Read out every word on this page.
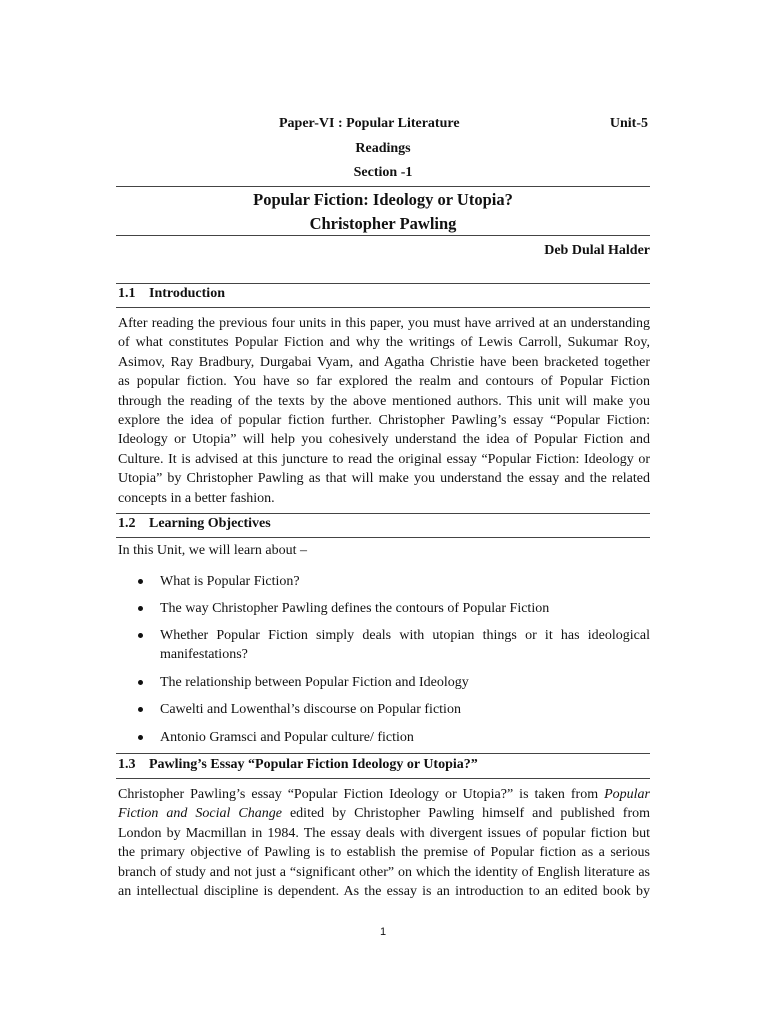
Paper-VI : Popular Literature	Unit-5
Readings
Section -1
Popular Fiction: Ideology or Utopia?
Christopher Pawling
Deb Dulal Halder
1.1 Introduction
After reading the previous four units in this paper, you must have arrived at an understanding
of what constitutes Popular Fiction and why the writings of Lewis Carroll, Sukumar Roy,
Asimov, Ray Bradbury, Durgabai Vyam, and Agatha Christie have been bracketed together
as popular fiction. You have so far explored the realm and contours of Popular Fiction
through the reading of the texts by the above mentioned authors. This unit will make you
explore the idea of popular fiction further. Christopher Pawling’s essay “Popular Fiction:
Ideology or Utopia” will help you cohesively understand the idea of Popular Fiction and
Culture. It is advised at this juncture to read the original essay “Popular Fiction: Ideology or
Utopia” by Christopher Pawling as that will make you understand the essay and the related
concepts in a better fashion.
1.2 Learning Objectives
In this Unit, we will learn about –
What is Popular Fiction?
The way Christopher Pawling defines the contours of Popular Fiction
Whether Popular Fiction simply deals with utopian things or it has ideological
manifestations?
The relationship between Popular Fiction and Ideology
Cawelti and Lowenthal’s discourse on Popular fiction
Antonio Gramsci and Popular culture/ fiction
1.3 Pawling’s Essay “Popular Fiction Ideology or Utopia?”
Christopher Pawling’s essay “Popular Fiction Ideology or Utopia?” is taken from Popular
Fiction and Social Change edited by Christopher Pawling himself and published from
London by Macmillan in 1984. The essay deals with divergent issues of popular fiction but
the primary objective of Pawling is to establish the premise of Popular fiction as a serious
branch of study and not just a “significant other” on which the identity of English literature as
an intellectual discipline is dependent. As the essay is an introduction to an edited book by
1
